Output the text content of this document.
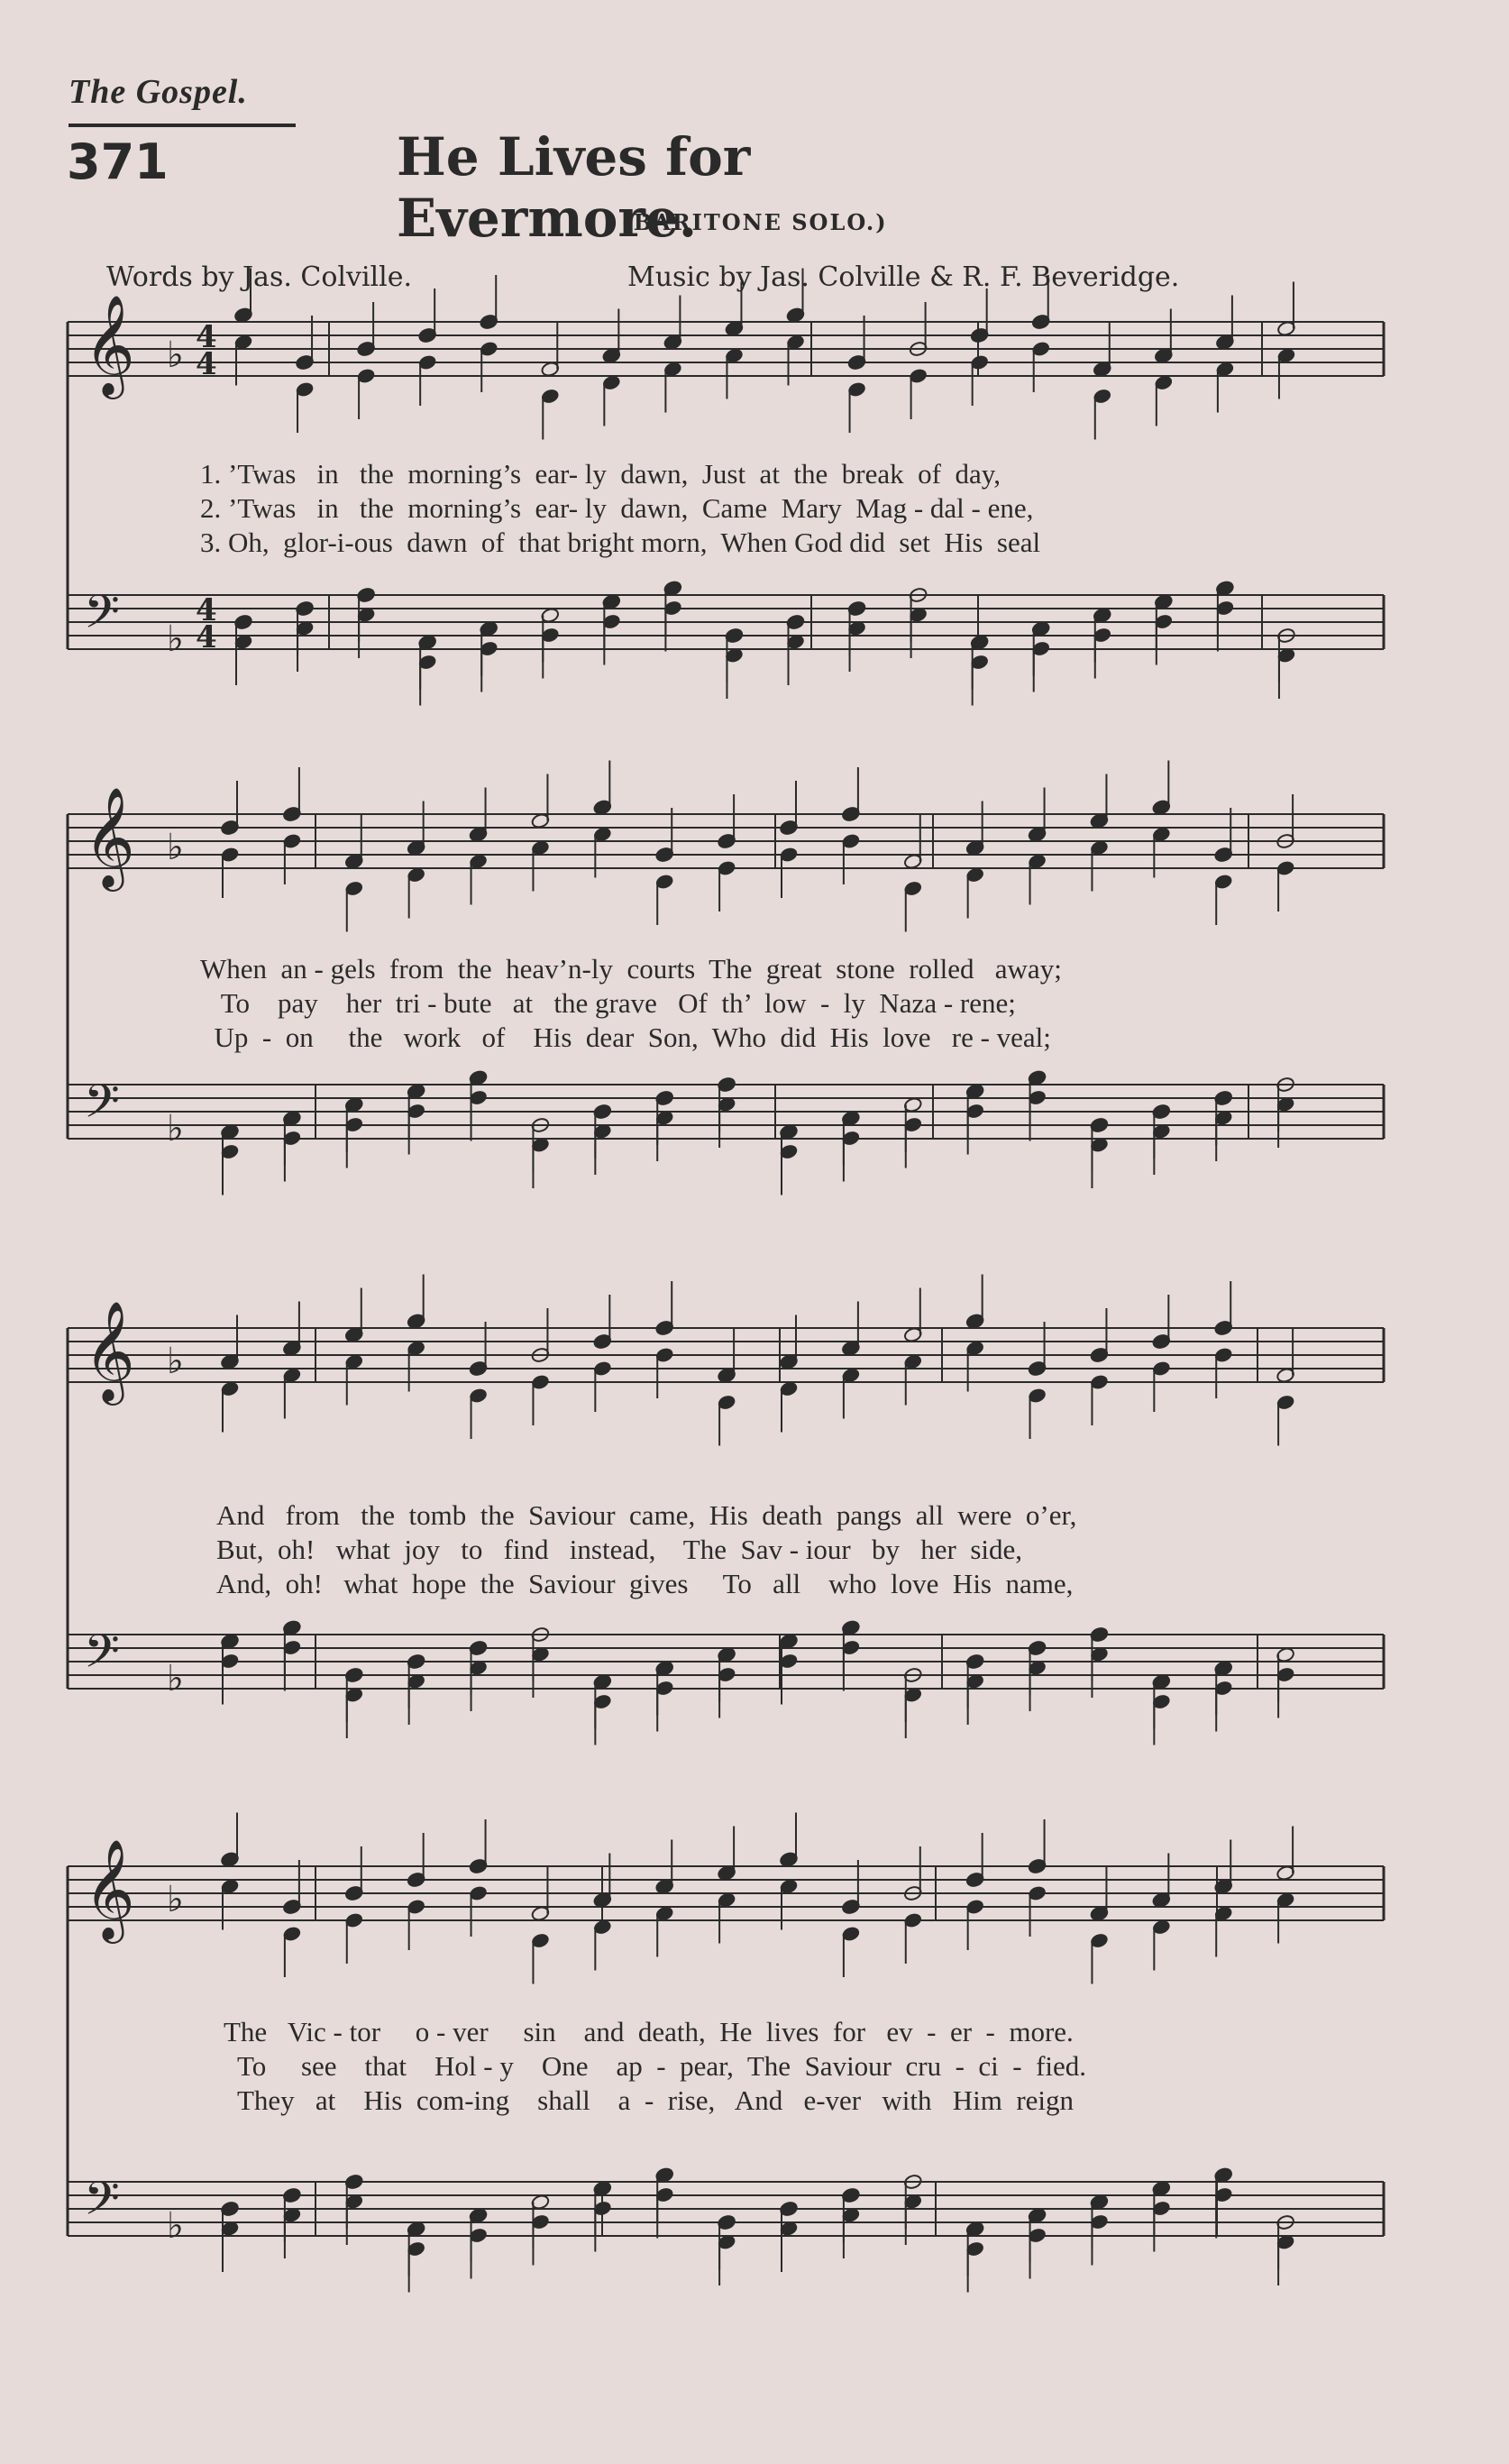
The Gospel.
371	He Lives for Evermore.
(BARITONE SOLO.)
Words by Jas. Colville.	Music by Jas. Colville & R. F. Beveridge.
𝄞 ♭ 4
4
𝄢 ♭
4
4
𝄞 ♭
𝄢 ♭
𝄞 ♭
𝄢 ♭
𝄞 ♭
𝄢 ♭
1. ’Twas   in   the  morning’s  ear- ly  dawn,  Just  at  the  break  of  day,
2. ’Twas   in   the  morning’s  ear- ly  dawn,  Came  Mary  Mag - dal - ene,
3. Oh,  glor-i-ous  dawn  of  that bright morn,  When God did  set  His  seal
When  an - gels  from  the  heav’n-ly  courts  The  great  stone  rolled   away;
To    pay    her  tri - bute   at   the grave   Of  th’  low  -  ly  Naza - rene;
Up  -  on     the   work   of    His  dear  Son,  Who  did  His  love   re - veal;
And   from   the  tomb  the  Saviour  came,  His  death  pangs  all  were  o’er,
But,  oh!   what  joy   to   find   instead,    The  Sav - iour   by   her  side,
And,  oh!   what  hope  the  Saviour  gives     To   all    who  love  His  name,
The   Vic - tor     o - ver     sin    and  death,  He  lives  for   ev  -  er  -  more.
To     see    that    Hol - y    One    ap  -  pear,  The  Saviour  cru  -  ci  -  fied.
They   at    His  com-ing    shall    a  -  rise,   And   e-ver   with   Him  reign
